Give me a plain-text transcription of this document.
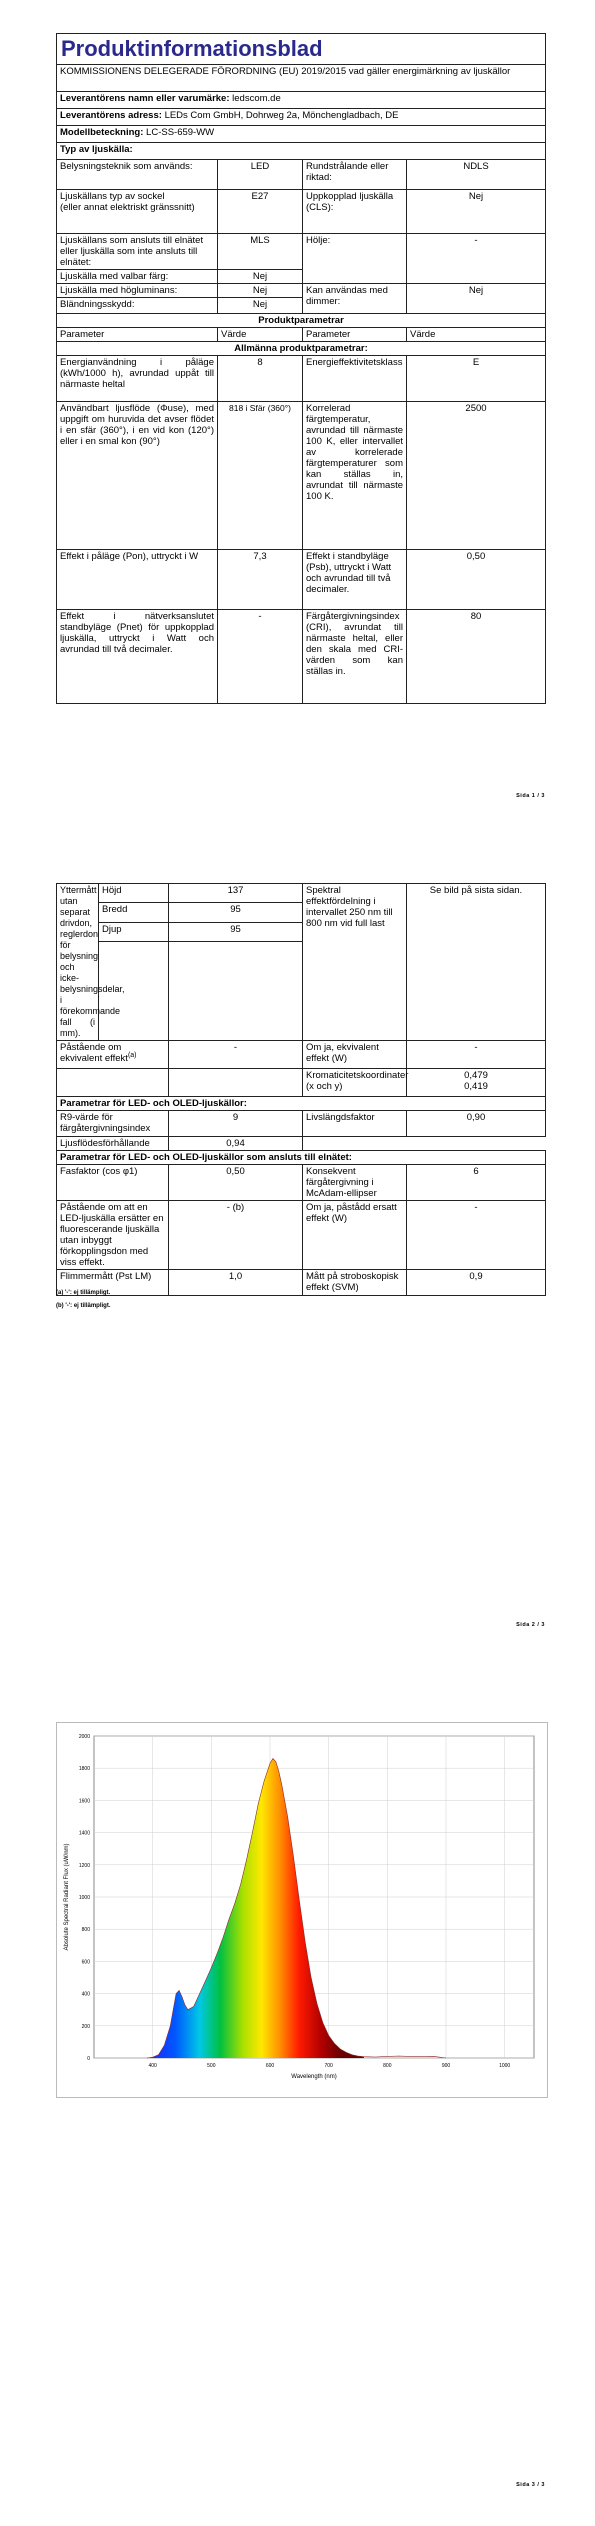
Produktinformationsblad			
KOMMISSIONENS DELEGERADE FÖRORDNING (EU) 2019/2015 vad gäller energimärkning av ljuskällor			
Leverantörens namn eller varumärke: ledscom.de			
Leverantörens adress: LEDs Com GmbH, Dohrweg 2a, Mönchengladbach, DE			
Modellbeteckning: LC-SS-659-WW			
Typ av ljuskälla:			
Belysningsteknik som används:	LED	Rundstrålande eller riktad:	NDLS

Ljuskällans typ av sockel
(eller annat elektriskt gränssnitt)	E27	Uppkopplad ljuskälla (CLS):	Nej
Ljuskällans som ansluts till elnätet eller ljuskälla som inte ansluts till elnätet:	MLS	Hölje:	-
Ljuskälla med valbar färg:	Nej		
Ljuskälla med högluminans:	Nej	Kan användas med dimmer:	Nej
Bländningsskydd:	Nej		
Produktparametrar			
Parameter	Värde	Parameter	Värde
Allmänna produktparametrar:			
Energianvändning i påläge (kWh/1000 h), avrundad uppåt till närmaste heltal	8	Energieffektivitetsklass	E
Användbart ljusflöde (Φuse), med uppgift om huruvida det avser flödet i en sfär (360°), i en vid kon (120°) eller i en smal kon (90°)	818 i Sfär (360°)	Korrelerad färgtemperatur, avrundad till närmaste 100 K, eller intervallet av korrelerade färgtemperaturer som kan ställas in, avrundat till närmaste 100 K.	2500
Effekt i påläge (Pon), uttryckt i W	7,3	Effekt i standbyläge (Psb), uttryckt i Watt och avrundad till två decimaler.	0,50
Effekt i nätverksanslutet standbyläge (Pnet) för uppkopplad ljuskälla, uttryckt i Watt och avrundad till två decimaler.	-	Färgåtergivningsindex (CRI), avrundat till närmaste heltal, eller den skala med CRI-värden som kan ställas in.	80
Sida 1 / 3
Yttermått utan separat drivdon, reglerdon för belysning och icke-belysningsdelar, i förekommande fall (i mm).	Höjd	137	Spektral effektfördelning i intervallet 250 nm till 800 nm vid full last	Se bild på sista sidan.
	Bredd	95		
	Djup	95		

Påstående om ekvivalent effekt$^{(a)}$		-	Om ja, ekvivalent effekt (W)	-
			Kromaticitetskoordinater (x och y)	0,479
0,419

Parametrar för LED- och OLED-ljuskällor:				
R9-värde för färgåtergivningsindex		9	Livslängdsfaktor	0,90
Ljusflödesförhållande		0,94		
Parametrar för LED- och OLED-ljuskällor som ansluts till elnätet:				
Fasfaktor (cos φ1)		0,50	Konsekvent färgåtergivning i McAdam-ellipser	6
Påstående om att en LED-ljuskälla ersätter en fluorescerande ljuskälla utan inbyggt förkopplingsdon med viss effekt.		- (b)	Om ja, påstådd ersatt effekt (W)	-
Flimmermått (Pst LM)		1,0	Mått på stroboskopisk effekt (SVM)	0,9
(a) '-': ej tillämpligt.
(b) '-': ej tillämpligt.
Sida 2 / 3
0
200
400
600
800
1000
1200
1400
1600
1800
2000
400	500	600	700	800	900	1000
Wavelength (nm)
Absolute Spectral Radiant Flux (uW/nm)
Sida 3 / 3
